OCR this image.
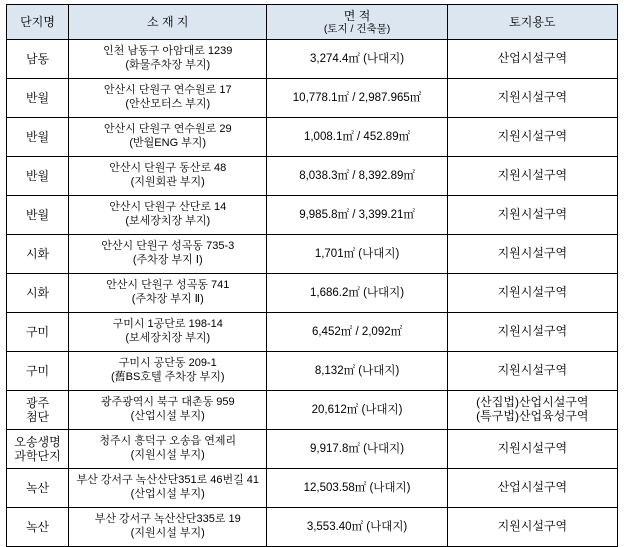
단지명	소 재 지	면 적
(토지 / 건축물)	토지용도

남동	인천 남동구 아암대로 1239
(화물주차장 부지)	3,274.4㎡ (나대지)	산업시설구역

반월	안산시 단원구 연수원로 17
(안산모터스 부지)	10,778.1㎡ / 2,987.965㎡	지원시설구역

반월	안산시 단원구 연수원로 29
(반월ENG 부지)	1,008.1㎡ / 452.89㎡	지원시설구역

반월	안산시 단원구 동산로 48
(지원회관 부지)	8,038.3㎡ / 8,392.89㎡	지원시설구역

반월	안산시 단원구 산단로 14
(보세장치장 부지)	9,985.8㎡ / 3,399.21㎡	지원시설구역

시화	안산시 단원구 성곡동 735-3
(주차장 부지 Ⅰ)	1,701㎡ (나대지)	지원시설구역

시화	안산시 단원구 성곡동 741
(주차장 부지 Ⅱ)	1,686.2㎡ (나대지)	지원시설구역

구미	구미시 1공단로 198-14
(보세장치장 부지)	6,452㎡ / 2,092㎡	지원시설구역

구미	구미시 공단동 209-1
(舊BS호텔 주차장 부지)	8,132㎡ (나대지)	지원시설구역

광주
첨단	광주광역시 북구 대촌동 959
(산업시설 부지)	20,612㎡ (나대지)	(산집법)산업시설구역
(특구법)산업육성구역

오송생명
과학단지	청주시 흥덕구 오송읍 연제리
(지원시설 부지)	9,917.8㎡ (나대지)	지원시설구역

녹산	부산 강서구 녹산산단351로 46번길 41
(산업시설 부지)	12,503.58㎡ (나대지)	산업시설구역

녹산	부산 강서구 녹산산단335로 19
(지원시설 부지)	3,553.40㎡ (나대지)	지원시설구역
